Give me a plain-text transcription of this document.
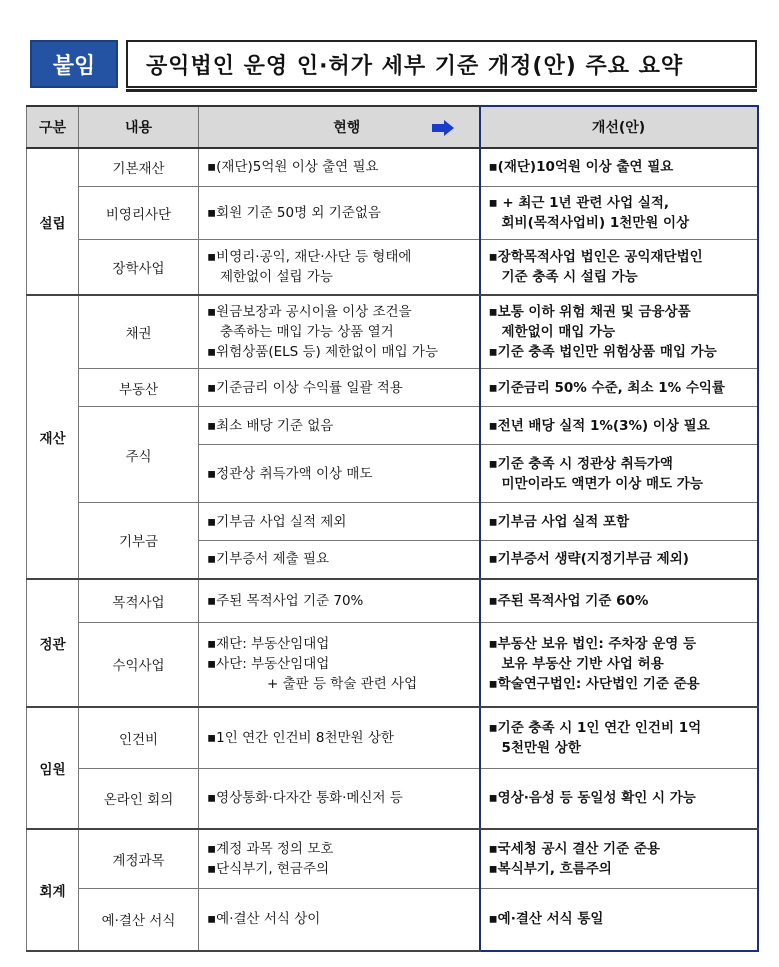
붙임	공익법인 운영 인·허가 세부 기준 개정(안) 주요 요약
구분	내용	현행	개선(안)
설립	기본재산	▪(재단)5억원 이상 출연 필요	▪(재단)10억원 이상 출연 필요

	비영리사단	▪회원 기준 50명 외 기준없음	▪ + 최근 1년 관련 사업 실적,
회비(목적사업비) 1천만원 이상

	장학사업	▪비영리·공익, 재단·사단 등 형태에
제한없이 설립 가능	▪장학목적사업 법인은 공익재단법인
기준 충족 시 설립 가능

재산	채권	▪원금보장과 공시이율 이상 조건을
충족하는 매입 가능 상품 열거
▪위험상품(ELS 등) 제한없이 매입 가능	▪보통 이하 위험 채권 및 금융상품
제한없이 매입 가능
▪기준 충족 법인만 위험상품 매입 가능

	부동산	▪기준금리 이상 수익률 일괄 적용	▪기준금리 50% 수준, 최소 1% 수익률

	주식	▪최소 배당 기준 없음	▪전년 배당 실적 1%(3%) 이상 필요

		▪정관상 취득가액 이상 매도	▪기준 충족 시 정관상 취득가액
미만이라도 액면가 이상 매도 가능

	기부금	▪기부금 사업 실적 제외	▪기부금 사업 실적 포함

		▪기부증서 제출 필요	▪기부증서 생략(지정기부금 제외)

정관	목적사업	▪주된 목적사업 기준 70%	▪주된 목적사업 기준 60%

	수익사업	▪재단: 부동산임대업
▪사단: 부동산임대업
+ 출판 등 학술 관련 사업	▪부동산 보유 법인: 주차장 운영 등
보유 부동산 기반 사업 허용
▪학술연구법인: 사단법인 기준 준용

임원	인건비	▪1인 연간 인건비 8천만원 상한	▪기준 충족 시 1인 연간 인건비 1억
5천만원 상한

	온라인 회의	▪영상통화·다자간 통화·메신저 등	▪영상·음성 등 동일성 확인 시 가능

회계	계정과목	▪계정 과목 정의 모호
▪단식부기, 현금주의	▪국세청 공시 결산 기준 준용
▪복식부기, 흐름주의

	예·결산 서식	▪예·결산 서식 상이	▪예·결산 서식 통일
